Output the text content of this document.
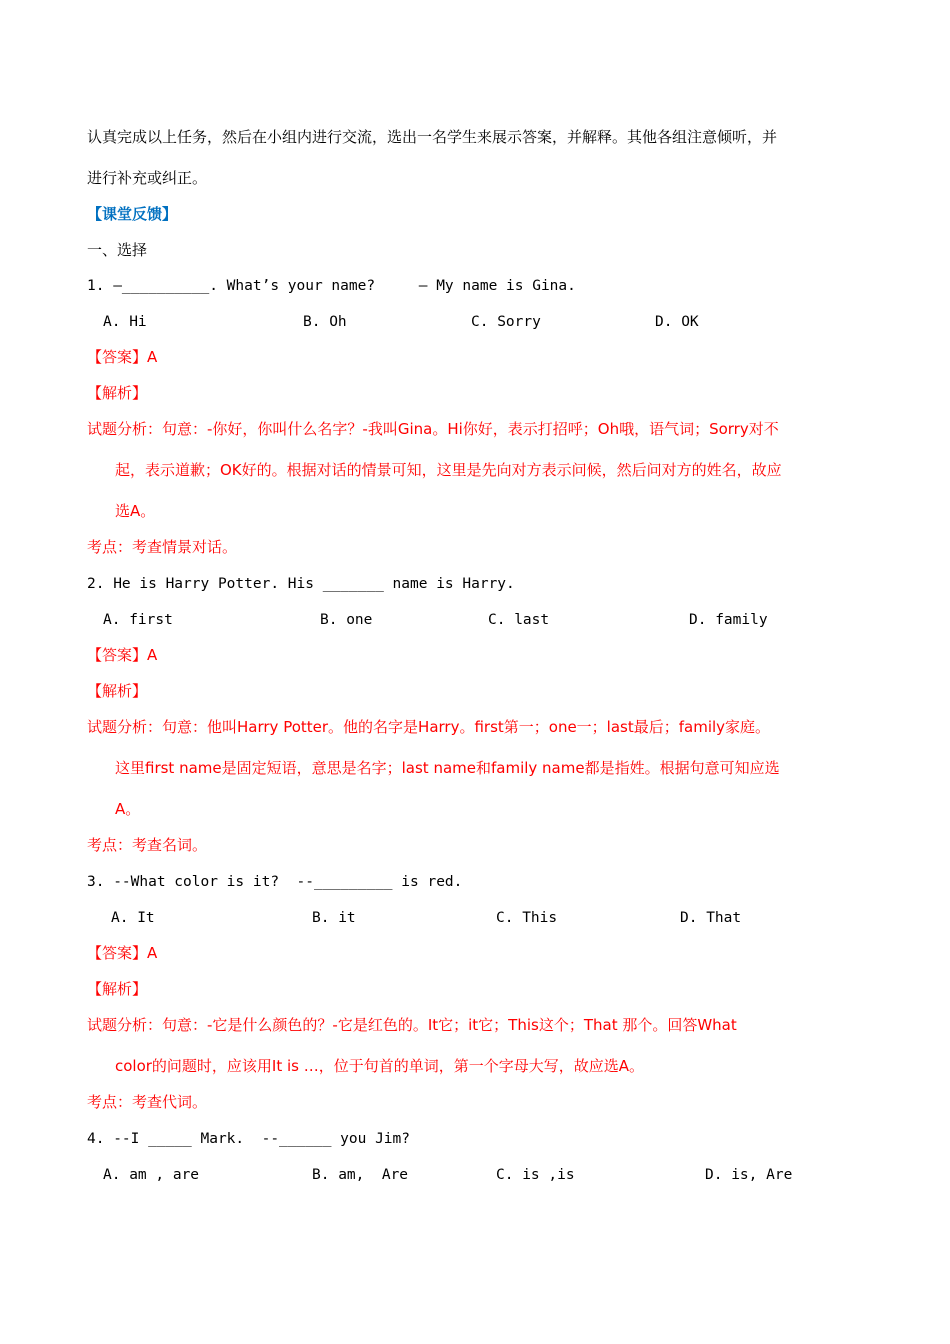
认真完成以上任务，然后在小组内进行交流，选出一名学生来展示答案，并解释。其他各组注意倾听，并
进行补充或纠正。
【课堂反馈】
一、选择
1. —__________. What’s your name?     — My name is Gina.
A. Hi	B. Oh	C. Sorry	D. OK
【答案】A
【解析】
试题分析：句意：-你好，你叫什么名字？-我叫Gina。Hi你好，表示打招呼；Oh哦，语气词；Sorry对不
起，表示道歉；OK好的。根据对话的情景可知，这里是先向对方表示问候，然后问对方的姓名，故应
选A。
考点：考查情景对话。
2. He is Harry Potter. His _______ name is Harry.
A. first	B. one	C. last	D. family
【答案】A
【解析】
试题分析：句意：他叫Harry Potter。他的名字是Harry。first第一；one一；last最后；family家庭。
这里first name是固定短语，意思是名字；last name和family name都是指姓。根据句意可知应选
A。
考点：考查名词。
3. --What color is it?  --_________ is red.
A. It	B. it	C. This	D. That
【答案】A
【解析】
试题分析：句意：-它是什么颜色的？-它是红色的。It它；it它；This这个；That 那个。回答What
color的问题时，应该用It is …，位于句首的单词，第一个字母大写，故应选A。
考点：考查代词。
4. --I _____ Mark.  --______ you Jim?
A. am , are	B. am,  Are	C. is ,is	D. is, Are
